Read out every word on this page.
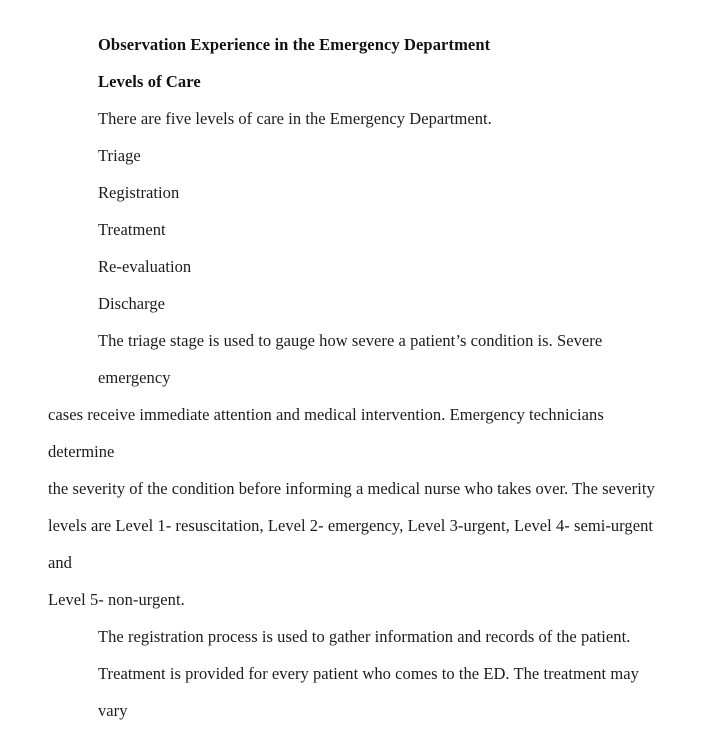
Observation Experience in the Emergency Department
Levels of Care
There are five levels of care in the Emergency Department.
Triage
Registration
Treatment
Re-evaluation
Discharge
The triage stage is used to gauge how severe a patient’s condition is. Severe emergency
cases receive immediate attention and medical intervention. Emergency technicians determine
the severity of the condition before informing a medical nurse who takes over. The severity
levels are Level 1- resuscitation, Level 2- emergency, Level 3-urgent, Level 4- semi-urgent and
Level 5- non-urgent.
The registration process is used to gather information and records of the patient.
Treatment is provided for every patient who comes to the ED. The treatment may vary
